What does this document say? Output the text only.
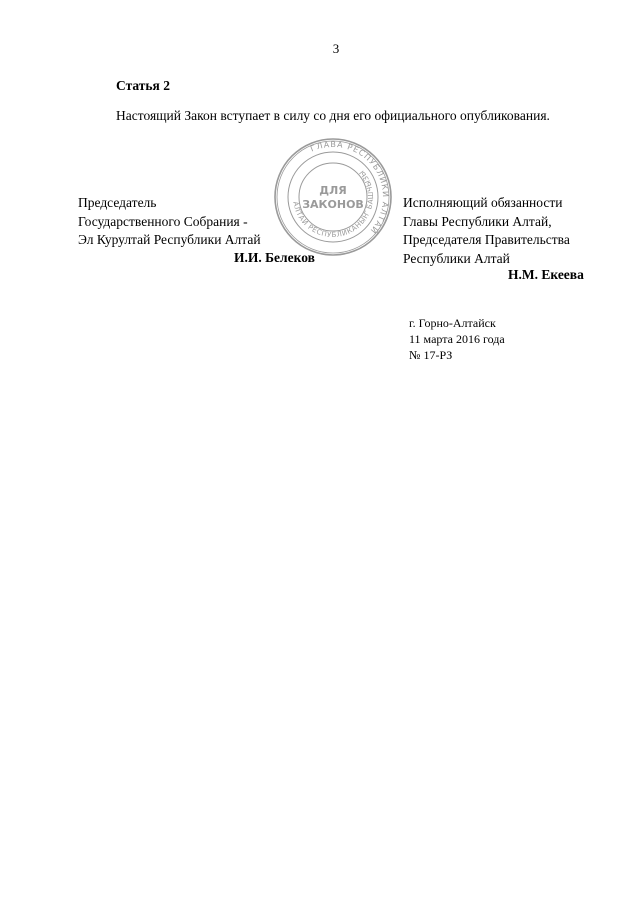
3
Статья 2
Настоящий Закон вступает в силу со дня его официального опубликования.
Председатель
Государственного Собрания -
Эл Курултай Республики Алтай
И.И. Белеков
ГЛАВА РЕСПУБЛИКИ АЛТАЙ
АЛТАЙ РЕСПУБЛИКАНЫҤ БАШЧЫЗЫ
ДЛЯ
ЗАКОНОВ	Исполняющий обязанности
Главы Республики Алтай,
Председателя Правительства
Республики Алтай
Н.М. Екеева
г. Горно-Алтайск
11 марта 2016 года
№ 17-РЗ
